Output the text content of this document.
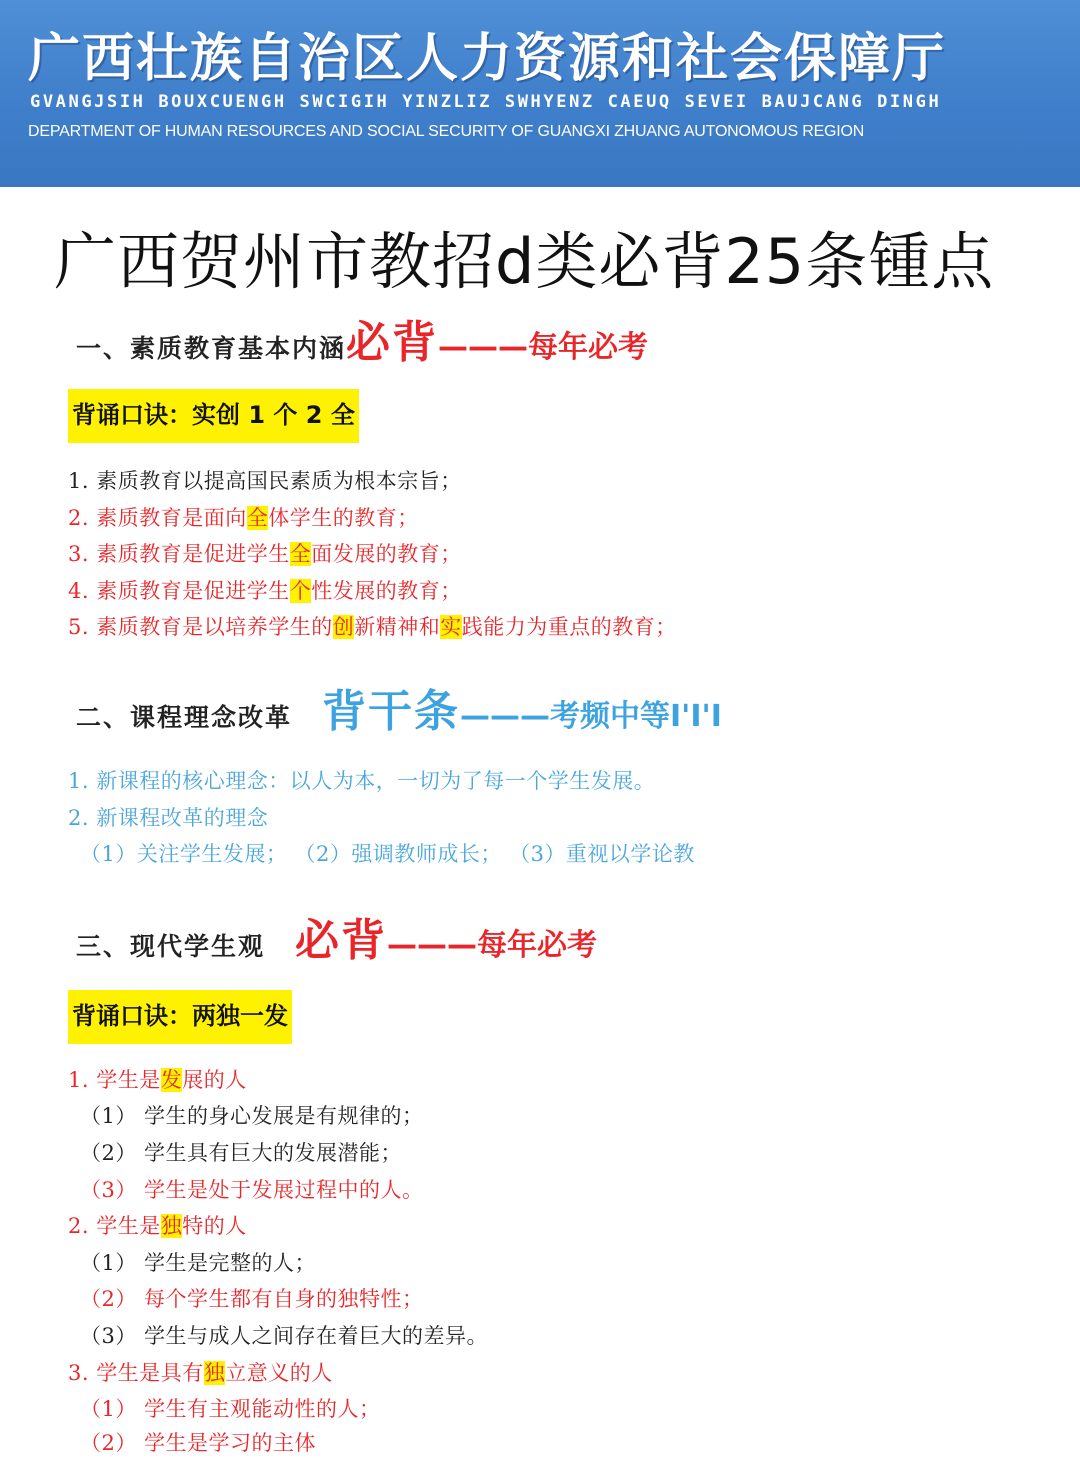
广西壮族自治区人力资源和社会保障厅
GVANGJSIH BOUXCUENGH SWCIGIH YINZLIZ SWHYENZ CAEUQ SEVEI BAUJCANG DINGH
DEPARTMENT OF HUMAN RESOURCES AND SOCIAL SECURITY OF GUANGXI ZHUANG AUTONOMOUS REGION
广西贺州市教招d类必背25条锺点
一、素质教育基本内涵必背———每年必考
背诵口诀：实创 1 个 2 全
1. 素质教育以提高国民素质为根本宗旨；
2. 素质教育是面向全体学生的教育；
3. 素质教育是促进学生全面发展的教育；
4. 素质教育是促进学生个性发展的教育；
5. 素质教育是以培养学生的创新精神和实践能力为重点的教育；
二、课程理念改革 背干条———考频中等I'I'I
1. 新课程的核心理念：以人为本，一切为了每一个学生发展。
2. 新课程改革的理念
（1）关注学生发展； （2）强调教师成长； （3）重视以学论教
三、现代学生观 必背———每年必考
背诵口诀：两独一发
1. 学生是发展的人
（1） 学生的身心发展是有规律的；
（2） 学生具有巨大的发展潜能；
（3） 学生是处于发展过程中的人。
2. 学生是独特的人
（1） 学生是完整的人；
（2） 每个学生都有自身的独特性；
（3） 学生与成人之间存在着巨大的差异。
3. 学生是具有独立意义的人
（1） 学生有主观能动性的人；
（2） 学生是学习的主体
